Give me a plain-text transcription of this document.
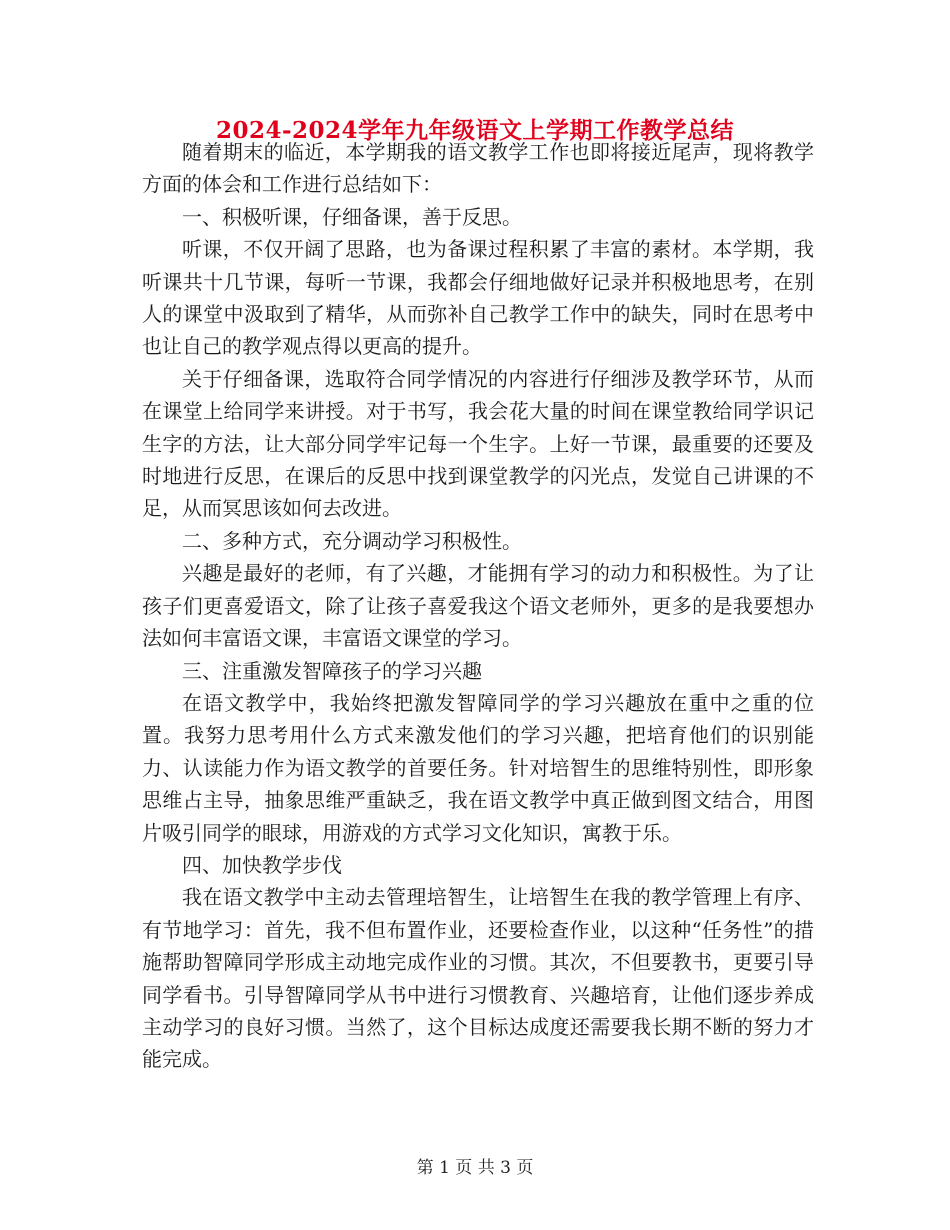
2024-2024学年九年级语文上学期工作教学总结

随着期末的临近，本学期我的语文教学工作也即将接近尾声，现将教学方面的体会和工作进行总结如下：

一、积极听课，仔细备课，善于反思。

听课，不仅开阔了思路，也为备课过程积累了丰富的素材。本学期，我听课共十几节课，每听一节课，我都会仔细地做好记录并积极地思考，在别人的课堂中汲取到了精华，从而弥补自己教学工作中的缺失，同时在思考中也让自己的教学观点得以更高的提升。

关于仔细备课，选取符合同学情况的内容进行仔细涉及教学环节，从而在课堂上给同学来讲授。对于书写，我会花大量的时间在课堂教给同学识记生字的方法，让大部分同学牢记每一个生字。上好一节课，最重要的还要及时地进行反思，在课后的反思中找到课堂教学的闪光点，发觉自己讲课的不足，从而冥思该如何去改进。

二、多种方式，充分调动学习积极性。

兴趣是最好的老师，有了兴趣，才能拥有学习的动力和积极性。为了让孩子们更喜爱语文，除了让孩子喜爱我这个语文老师外，更多的是我要想办法如何丰富语文课，丰富语文课堂的学习。

三、注重激发智障孩子的学习兴趣

在语文教学中，我始终把激发智障同学的学习兴趣放在重中之重的位置。我努力思考用什么方式来激发他们的学习兴趣，把培育他们的识别能力、认读能力作为语文教学的首要任务。针对培智生的思维特别性，即形象思维占主导，抽象思维严重缺乏，我在语文教学中真正做到图文结合，用图片吸引同学的眼球，用游戏的方式学习文化知识，寓教于乐。

四、加快教学步伐

我在语文教学中主动去管理培智生，让培智生在我的教学管理上有序、有节地学习：首先，我不但布置作业，还要检查作业，以这种“任务性”的措施帮助智障同学形成主动地完成作业的习惯。其次，不但要教书，更要引导同学看书。引导智障同学从书中进行习惯教育、兴趣培育，让他们逐步养成主动学习的良好习惯。当然了，这个目标达成度还需要我长期不断的努力才能完成。

第 1 页 共 3 页
